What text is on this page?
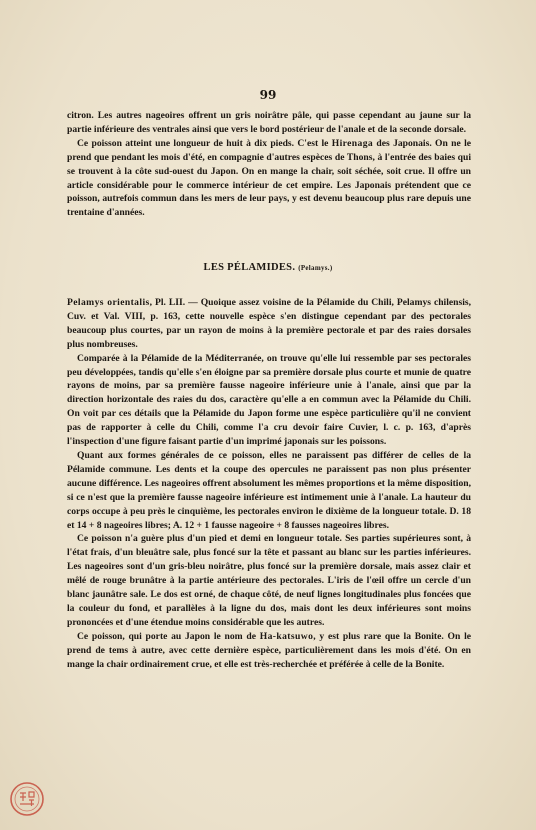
99

citron. Les autres nageoires offrent un gris noirâtre pâle, qui passe cependant au jaune sur la partie inférieure des ventrales ainsi que vers le bord postérieur de l'anale et de la seconde dorsale.

Ce poisson atteint une longueur de huit à dix pieds. C'est le Hirenaga des Japonais. On ne le prend que pendant les mois d'été, en compagnie d'autres espèces de Thons, à l'entrée des baies qui se trouvent à la côte sud-ouest du Japon. On en mange la chair, soit séchée, soit crue. Il offre un article considérable pour le commerce intérieur de cet empire. Les Japonais prétendent que ce poisson, autrefois commun dans les mers de leur pays, y est devenu beaucoup plus rare depuis une trentaine d'années.

LES PÉLAMIDES. (Pelamys.)

Pelamys orientalis, Pl. LII. — Quoique assez voisine de la Pélamide du Chili, Pelamys chilensis, Cuv. et Val. VIII, p. 163, cette nouvelle espèce s'en distingue cependant par des pectorales beaucoup plus courtes, par un rayon de moins à la première pectorale et par des raies dorsales plus nombreuses.

Comparée à la Pélamide de la Méditerranée, on trouve qu'elle lui ressemble par ses pectorales peu développées, tandis qu'elle s'en éloigne par sa première dorsale plus courte et munie de quatre rayons de moins, par sa première fausse nageoire inférieure unie à l'anale, ainsi que par la direction horizontale des raies du dos, caractère qu'elle a en commun avec la Pélamide du Chili. On voit par ces détails que la Pélamide du Japon forme une espèce particulière qu'il ne convient pas de rapporter à celle du Chili, comme l'a cru devoir faire Cuvier, l. c. p. 163, d'après l'inspection d'une figure faisant partie d'un imprimé japonais sur les poissons.

Quant aux formes générales de ce poisson, elles ne paraissent pas différer de celles de la Pélamide commune. Les dents et la coupe des opercules ne paraissent pas non plus présenter aucune différence. Les nageoires offrent absolument les mêmes proportions et la même disposition, si ce n'est que la première fausse nageoire inférieure est intimement unie à l'anale. La hauteur du corps occupe à peu près le cinquième, les pectorales environ le dixième de la longueur totale. D. 18 et 14 + 8 nageoires libres; A. 12 + 1 fausse nageoire + 8 fausses nageoires libres.

Ce poisson n'a guère plus d'un pied et demi en longueur totale. Ses parties supérieures sont, à l'état frais, d'un bleuâtre sale, plus foncé sur la tête et passant au blanc sur les parties inférieures. Les nageoires sont d'un gris-bleu noirâtre, plus foncé sur la première dorsale, mais assez clair et mêlé de rouge brunâtre à la partie antérieure des pectorales. L'iris de l'œil offre un cercle d'un blanc jaunâtre sale. Le dos est orné, de chaque côté, de neuf lignes longitudinales plus foncées que la couleur du fond, et parallèles à la ligne du dos, mais dont les deux inférieures sont moins prononcées et d'une étendue moins considérable que les autres.

Ce poisson, qui porte au Japon le nom de Ha-katsuwo, y est plus rare que la Bonite. On le prend de tems à autre, avec cette dernière espèce, particulièrement dans les mois d'été. On en mange la chair ordinairement crue, et elle est très-recherchée et préférée à celle de la Bonite.
